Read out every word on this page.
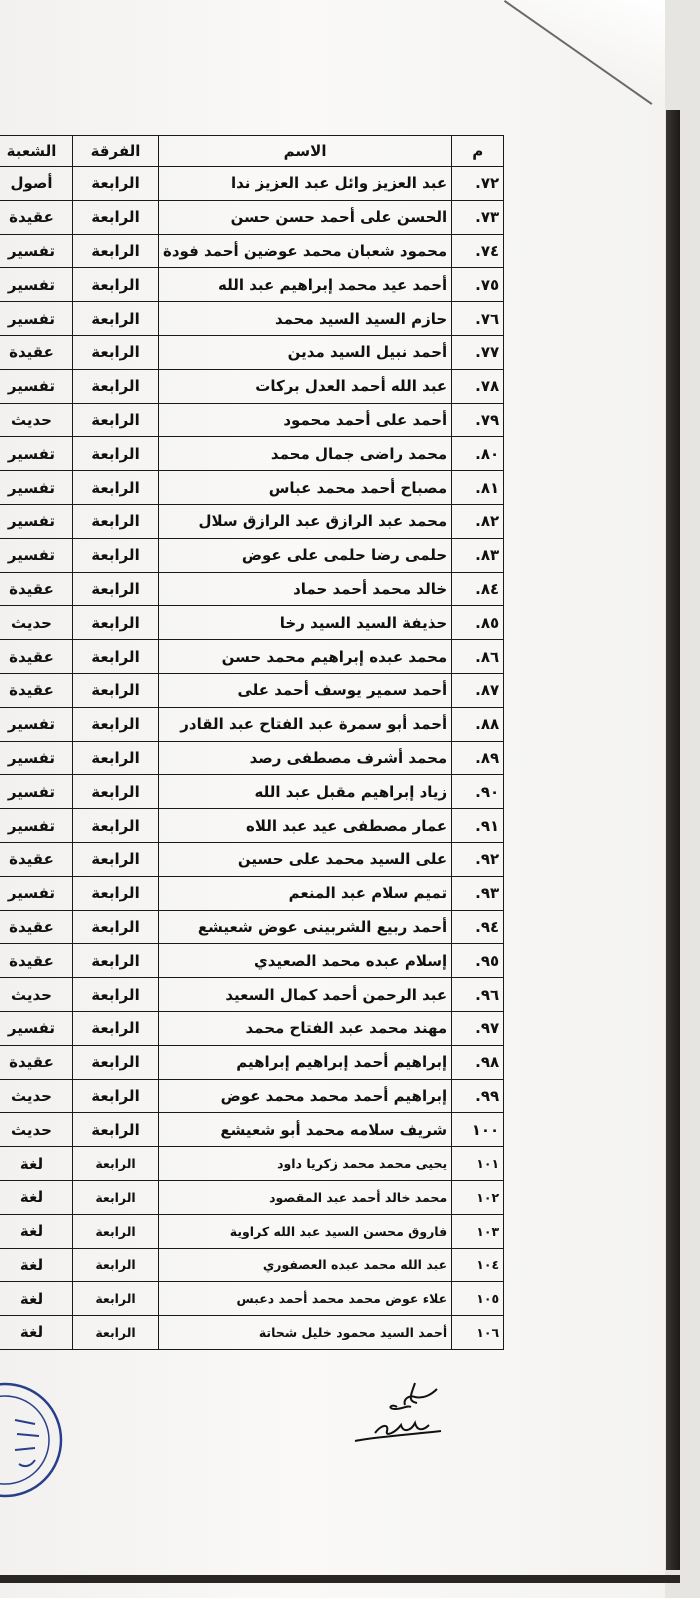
م	الاسم	الفرقة	الشعبة
٧٢.	عبد العزيز وائل عبد العزيز ندا	الرابعة	أصول
٧٣.	الحسن على أحمد حسن حسن	الرابعة	عقيدة
٧٤.	محمود شعبان محمد عوضين أحمد فودة	الرابعة	تفسير
٧٥.	أحمد عيد محمد إبراهيم عبد الله	الرابعة	تفسير
٧٦.	حازم السيد السيد محمد	الرابعة	تفسير
٧٧.	أحمد نبيل السيد مدين	الرابعة	عقيدة
٧٨.	عبد الله أحمد العدل بركات	الرابعة	تفسير
٧٩.	أحمد على أحمد محمود	الرابعة	حديث
٨٠.	محمد راضى جمال محمد	الرابعة	تفسير
٨١.	مصباح أحمد محمد عباس	الرابعة	تفسير
٨٢.	محمد عبد الرازق عبد الرازق سلال	الرابعة	تفسير
٨٣.	حلمى رضا حلمى على عوض	الرابعة	تفسير
٨٤.	خالد محمد أحمد حماد	الرابعة	عقيدة
٨٥.	حذيفة السيد السيد رخا	الرابعة	حديث
٨٦.	محمد عبده إبراهيم محمد حسن	الرابعة	عقيدة
٨٧.	أحمد سمير يوسف أحمد على	الرابعة	عقيدة
٨٨.	أحمد أبو سمرة عبد الفتاح عبد القادر	الرابعة	تفسير
٨٩.	محمد أشرف مصطفى رصد	الرابعة	تفسير
٩٠.	زياد إبراهيم مقبل عبد الله	الرابعة	تفسير
٩١.	عمار مصطفى عيد عبد اللاه	الرابعة	تفسير
٩٢.	على السيد محمد على حسين	الرابعة	عقيدة
٩٣.	تميم سلام عبد المنعم	الرابعة	تفسير
٩٤.	أحمد ربيع الشربينى عوض شعيشع	الرابعة	عقيدة
٩٥.	إسلام عبده محمد الصعيدي	الرابعة	عقيدة
٩٦.	عبد الرحمن أحمد كمال السعيد	الرابعة	حديث
٩٧.	مهند محمد عبد الفتاح محمد	الرابعة	تفسير
٩٨.	إبراهيم أحمد إبراهيم إبراهيم	الرابعة	عقيدة
٩٩.	إبراهيم أحمد محمد محمد عوض	الرابعة	حديث
١٠٠	شريف سلامه محمد أبو شعيشع	الرابعة	حديث
١٠١	يحيى محمد محمد زكريا داود	الرابعة	لغة
١٠٢	محمد خالد أحمد عبد المقصود	الرابعة	لغة
١٠٣	فاروق محسن السيد عبد الله كراوية	الرابعة	لغة
١٠٤	عبد الله محمد عبده العصفوري	الرابعة	لغة
١٠٥	علاء عوض محمد محمد أحمد دعبس	الرابعة	لغة
١٠٦	أحمد السيد محمود خليل شحاتة	الرابعة	لغة
